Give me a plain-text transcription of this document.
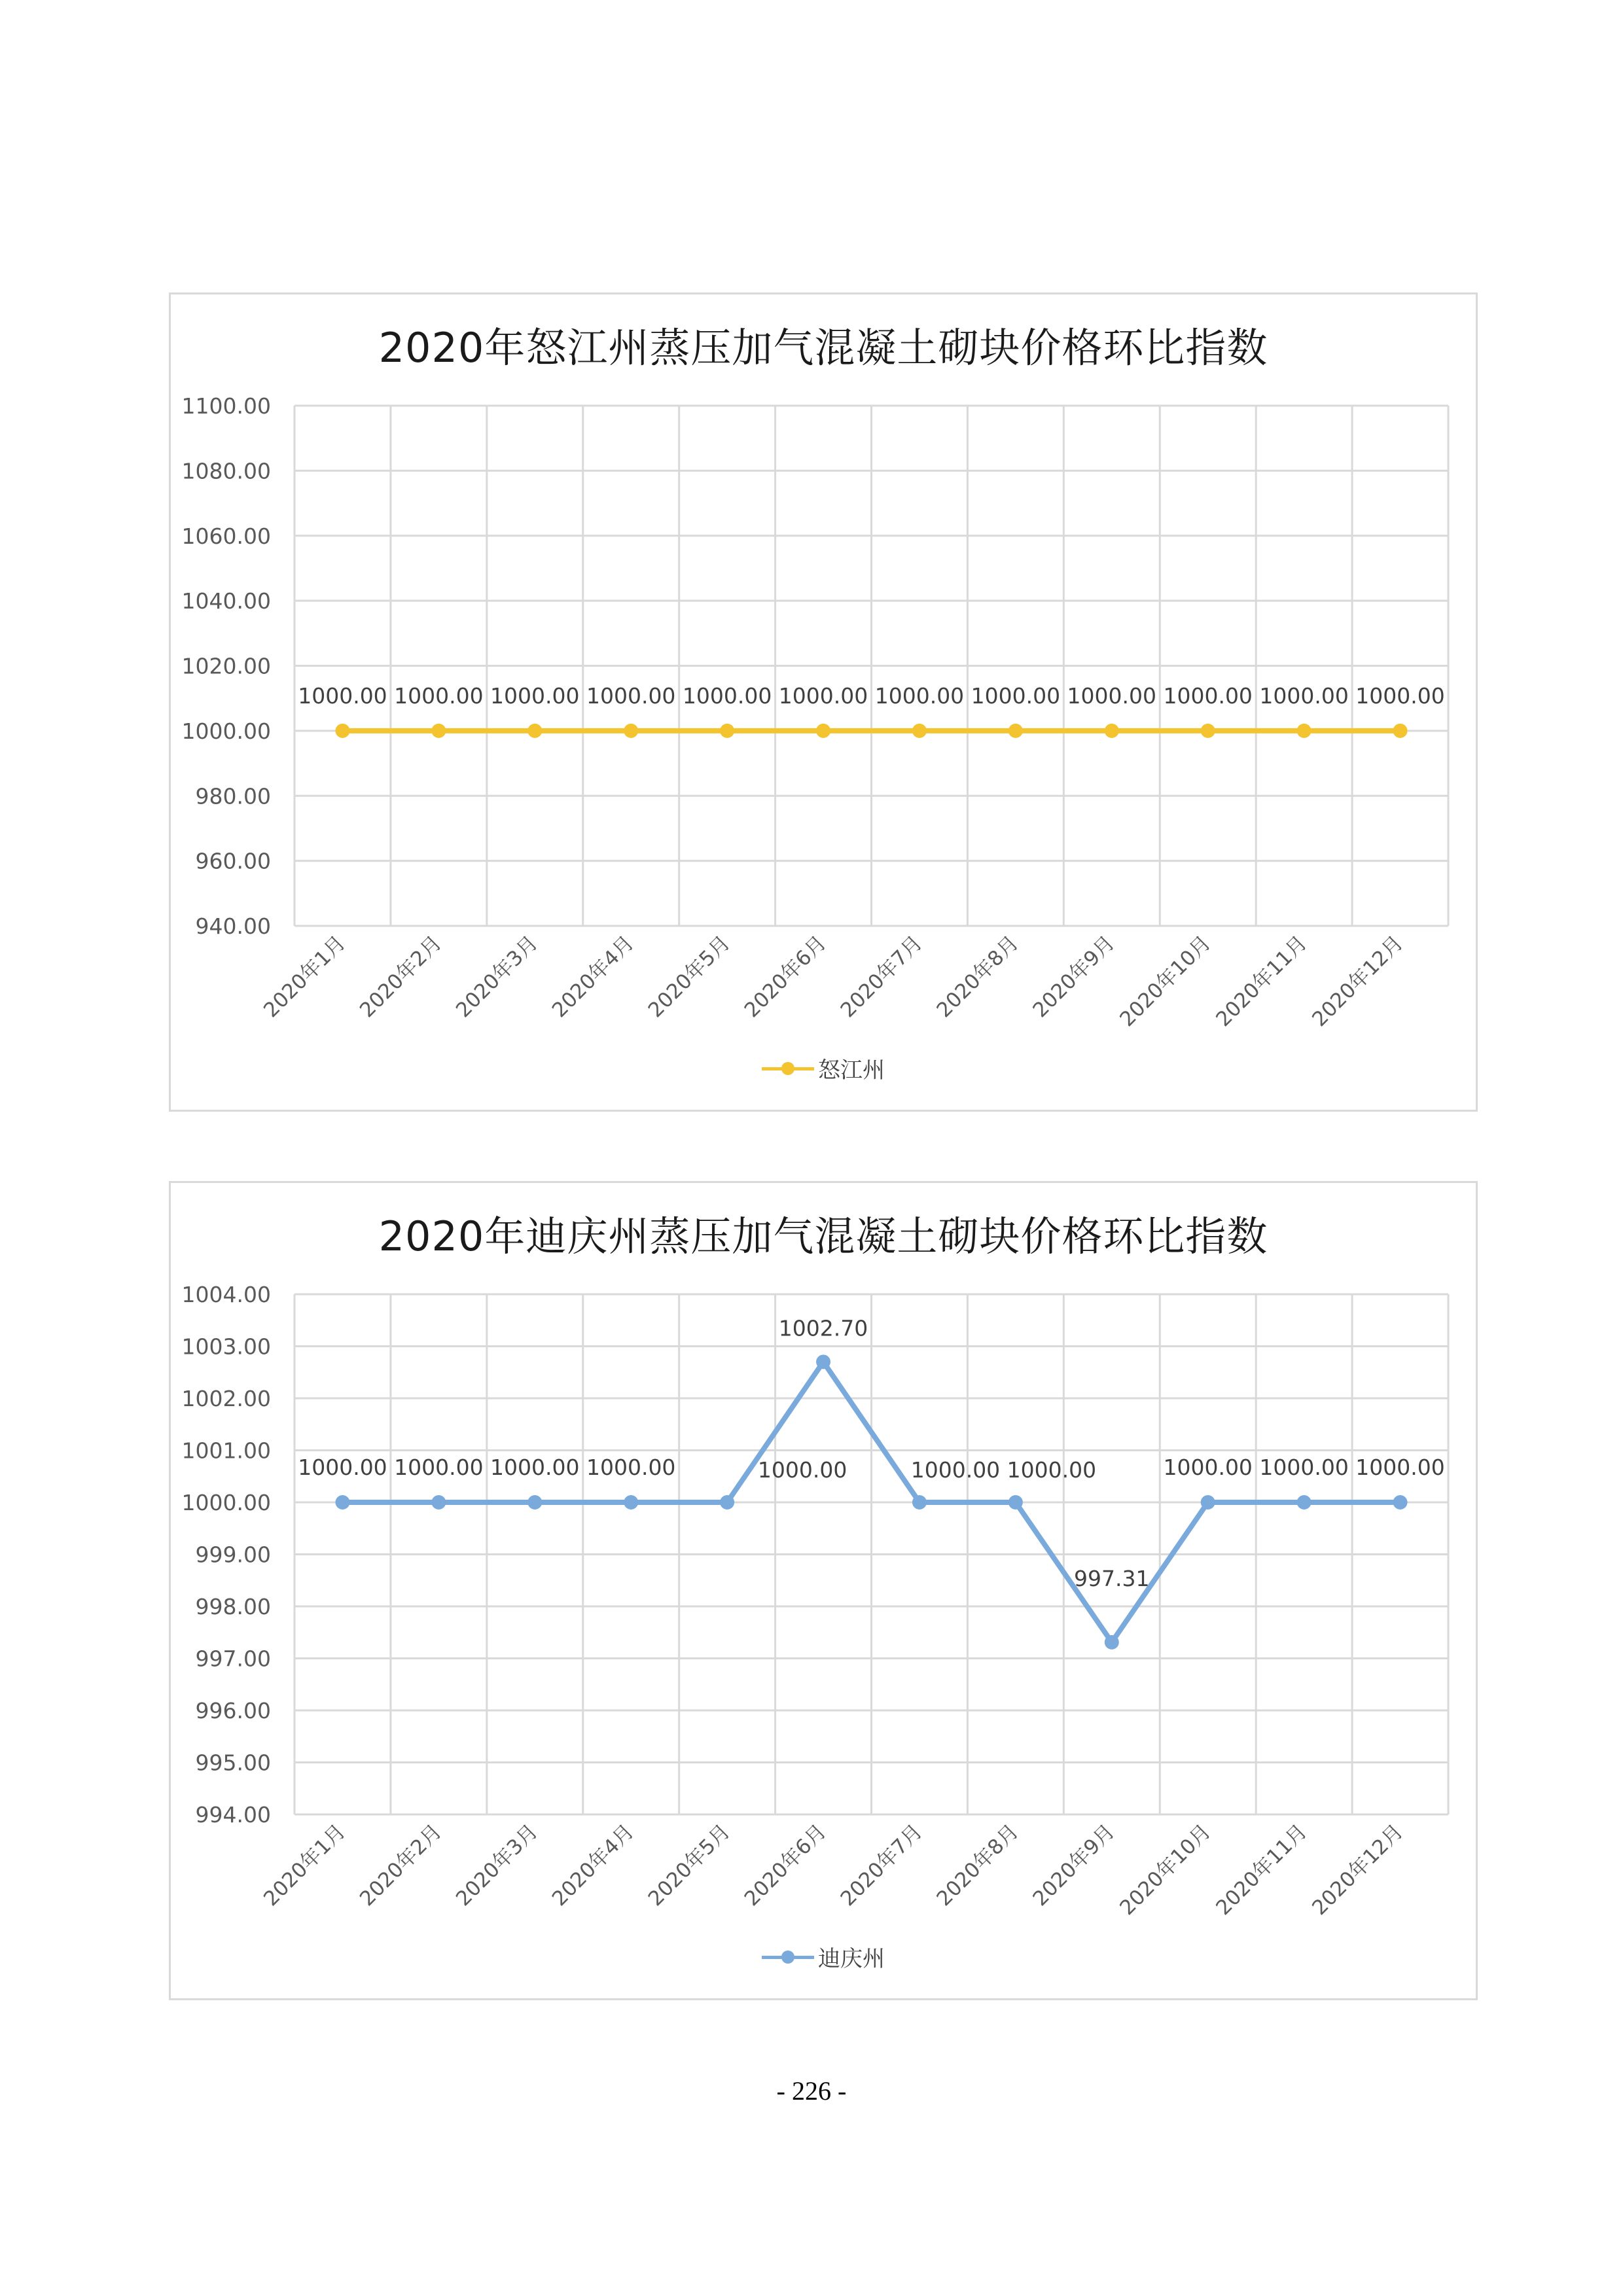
2020年怒江州蒸压加气混凝土砌块价格环比指数
1100.00
1080.00
1060.00
1040.00
1020.00
1000.00
980.00
960.00
940.00
2020年1月 2020年2月 2020年3月 2020年4月 2020年5月 2020年6月 2020年7月 2020年8月 2020年9月
2020年10月
2020年11月
2020年12月
1000.00 1000.00 1000.00 1000.00 1000.00 1000.00 1000.00 1000.00 1000.00 1000.00 1000.00 1000.00
怒江州
2020年迪庆州蒸压加气混凝土砌块价格环比指数
1004.00
1003.00
1002.00
1001.00
1000.00
999.00
998.00
997.00
996.00
995.00
994.00
2020年1月 2020年2月 2020年3月 2020年4月 2020年5月 2020年6月 2020年7月 2020年8月 2020年9月
2020年10月
2020年11月
2020年12月
1000.00 1000.00 1000.00 1000.00	1000.00
1002.70
1000.00 1000.00
997.31
1000.00 1000.00 1000.00
迪庆州
- 226 -
